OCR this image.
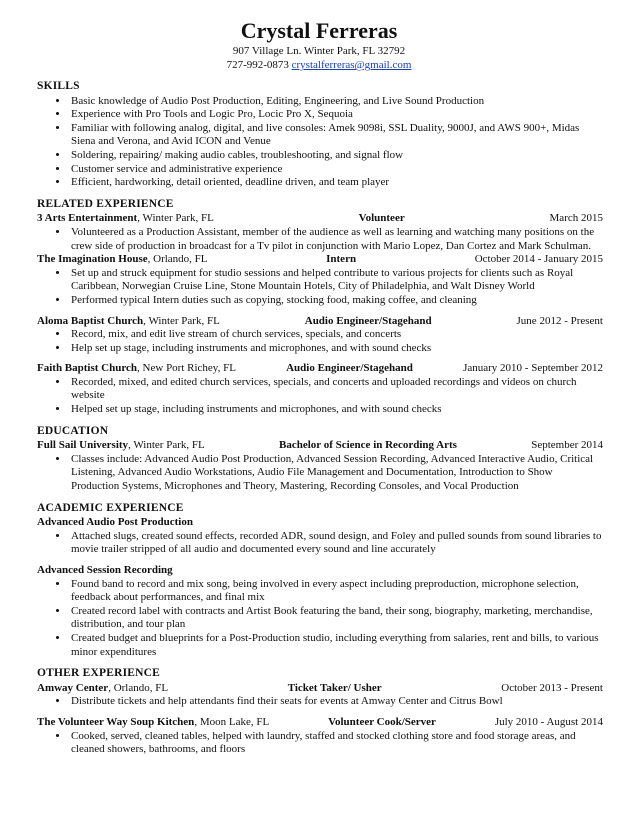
Crystal Ferreras
907 Village Ln. Winter Park, FL 32792
727-992-0873 crystalferreras@gmail.com
SKILLS
• Basic knowledge of Audio Post Production, Editing, Engineering, and Live Sound Production
• Experience with Pro Tools and Logic Pro, Locic Pro X, Sequoia
• Familiar with following analog, digital, and live consoles: Amek 9098i, SSL Duality, 9000J, and AWS 900+, Midas Siena and Verona, and Avid ICON and Venue
• Soldering, repairing/ making audio cables, troubleshooting, and signal flow
• Customer service and administrative experience
• Efficient, hardworking, detail oriented, deadline driven, and team player
RELATED EXPERIENCE
3 Arts Entertainment, Winter Park, FL	Volunteer	March 2015
• Volunteered as a Production Assistant, member of the audience as well as learning and watching many positions on the crew side of production in broadcast for a Tv pilot in conjunction with Mario Lopez, Dan Cortez and Mark Schulman.
The Imagination House, Orlando, FL	Intern	October 2014 - January 2015
• Set up and struck equipment for studio sessions and helped contribute to various projects for clients such as Royal Caribbean, Norwegian Cruise Line, Stone Mountain Hotels, City of Philadelphia, and Walt Disney World
• Performed typical Intern duties such as copying, stocking food, making coffee, and cleaning
Aloma Baptist Church, Winter Park, FL	Audio Engineer/Stagehand	June 2012 - Present
• Record, mix, and edit live stream of church services, specials, and concerts
• Help set up stage, including instruments and microphones, and with sound checks
Faith Baptist Church, New Port Richey, FL	Audio Engineer/Stagehand	January 2010 - September 2012
• Recorded, mixed, and edited church services, specials, and concerts and uploaded recordings and videos on church website
• Helped set up stage, including instruments and microphones, and with sound checks
EDUCATION
Full Sail University, Winter Park, FL	Bachelor of Science in Recording Arts	September 2014
• Classes include: Advanced Audio Post Production, Advanced Session Recording, Advanced Interactive Audio, Critical Listening, Advanced Audio Workstations, Audio File Management and Documentation, Introduction to Show Production Systems, Microphones and Theory, Mastering, Recording Consoles, and Vocal Production
ACADEMIC EXPERIENCE
Advanced Audio Post Production
• Attached slugs, created sound effects, recorded ADR, sound design, and Foley and pulled sounds from sound libraries to movie trailer stripped of all audio and documented every sound and line accurately
Advanced Session Recording
• Found band to record and mix song, being involved in every aspect including preproduction, microphone selection, feedback about performances, and final mix
• Created record label with contracts and Artist Book featuring the band, their song, biography, marketing, merchandise, distribution, and tour plan
• Created budget and blueprints for a Post-Production studio, including everything from salaries, rent and bills, to various minor expenditures
OTHER EXPERIENCE
Amway Center, Orlando, FL	Ticket Taker/ Usher	October 2013 - Present
• Distribute tickets and help attendants find their seats for events at Amway Center and Citrus Bowl
The Volunteer Way Soup Kitchen, Moon Lake, FL	Volunteer Cook/Server	July 2010 - August 2014
• Cooked, served, cleaned tables, helped with laundry, staffed and stocked clothing store and food storage areas, and cleaned showers, bathrooms, and floors
